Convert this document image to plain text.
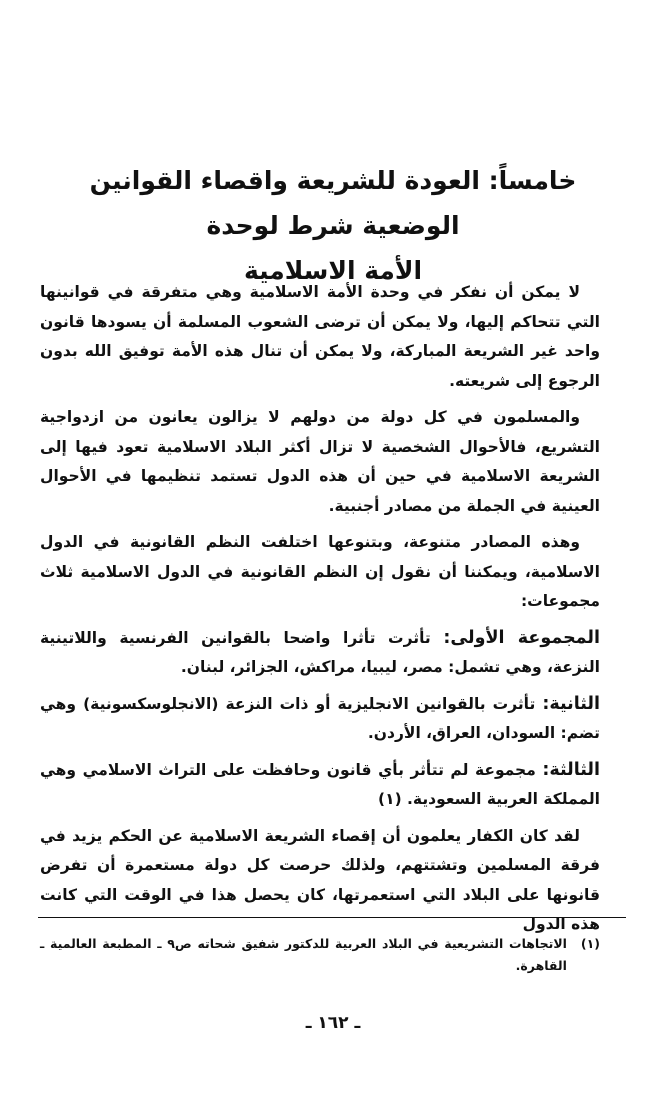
خامساً: العودة للشريعة واقصاء القوانين الوضعية شرط لوحدة
الأمة الاسلامية

لا يمكن أن نفكر في وحدة الأمة الاسلامية وهي متفرقة في قوانينها التي تتحاكم إليها، ولا يمكن أن ترضى الشعوب المسلمة أن يسودها قانون واحد غير الشريعة المباركة، ولا يمكن أن تنال هذه الأمة توفيق الله بدون الرجوع إلى شريعته.

والمسلمون في كل دولة من دولهم لا يزالون يعانون من ازدواجية التشريع، فالأحوال الشخصية لا تزال أكثر البلاد الاسلامية تعود فيها إلى الشريعة الاسلامية في حين أن هذه الدول تستمد تنظيمها في الأحوال العينية في الجملة من مصادر أجنبية.

وهذه المصادر متنوعة، وبتنوعها اختلفت النظم القانونية في الدول الاسلامية، ويمكننا أن نقول إن النظم القانونية في الدول الاسلامية ثلاث مجموعات:

المجموعة الأولى: تأثرت تأثرا واضحا بالقوانين الفرنسية واللاتينية النزعة، وهي تشمل: مصر، ليبيا، مراكش، الجزائر، لبنان.

الثانية: تأثرت بالقوانين الانجليزية أو ذات النزعة (الانجلوسكسونية) وهي تضم: السودان، العراق، الأردن.

الثالثة: مجموعة لم تتأثر بأي قانون وحافظت على التراث الاسلامي وهي المملكة العربية السعودية. (١)

لقد كان الكفار يعلمون أن إقصاء الشريعة الاسلامية عن الحكم يزيد في فرقة المسلمين وتشتتهم، ولذلك حرصت كل دولة مستعمرة أن تفرض قانونها على البلاد التي استعمرتها، كان يحصل هذا في الوقت التي كانت هذه الدول

(١)
الاتجاهات التشريعية في البلاد العربية للدكتور شفيق شحاته ص٩ ـ المطبعة العالمية ـ القاهرة.
ـ ١٦٢ ـ
